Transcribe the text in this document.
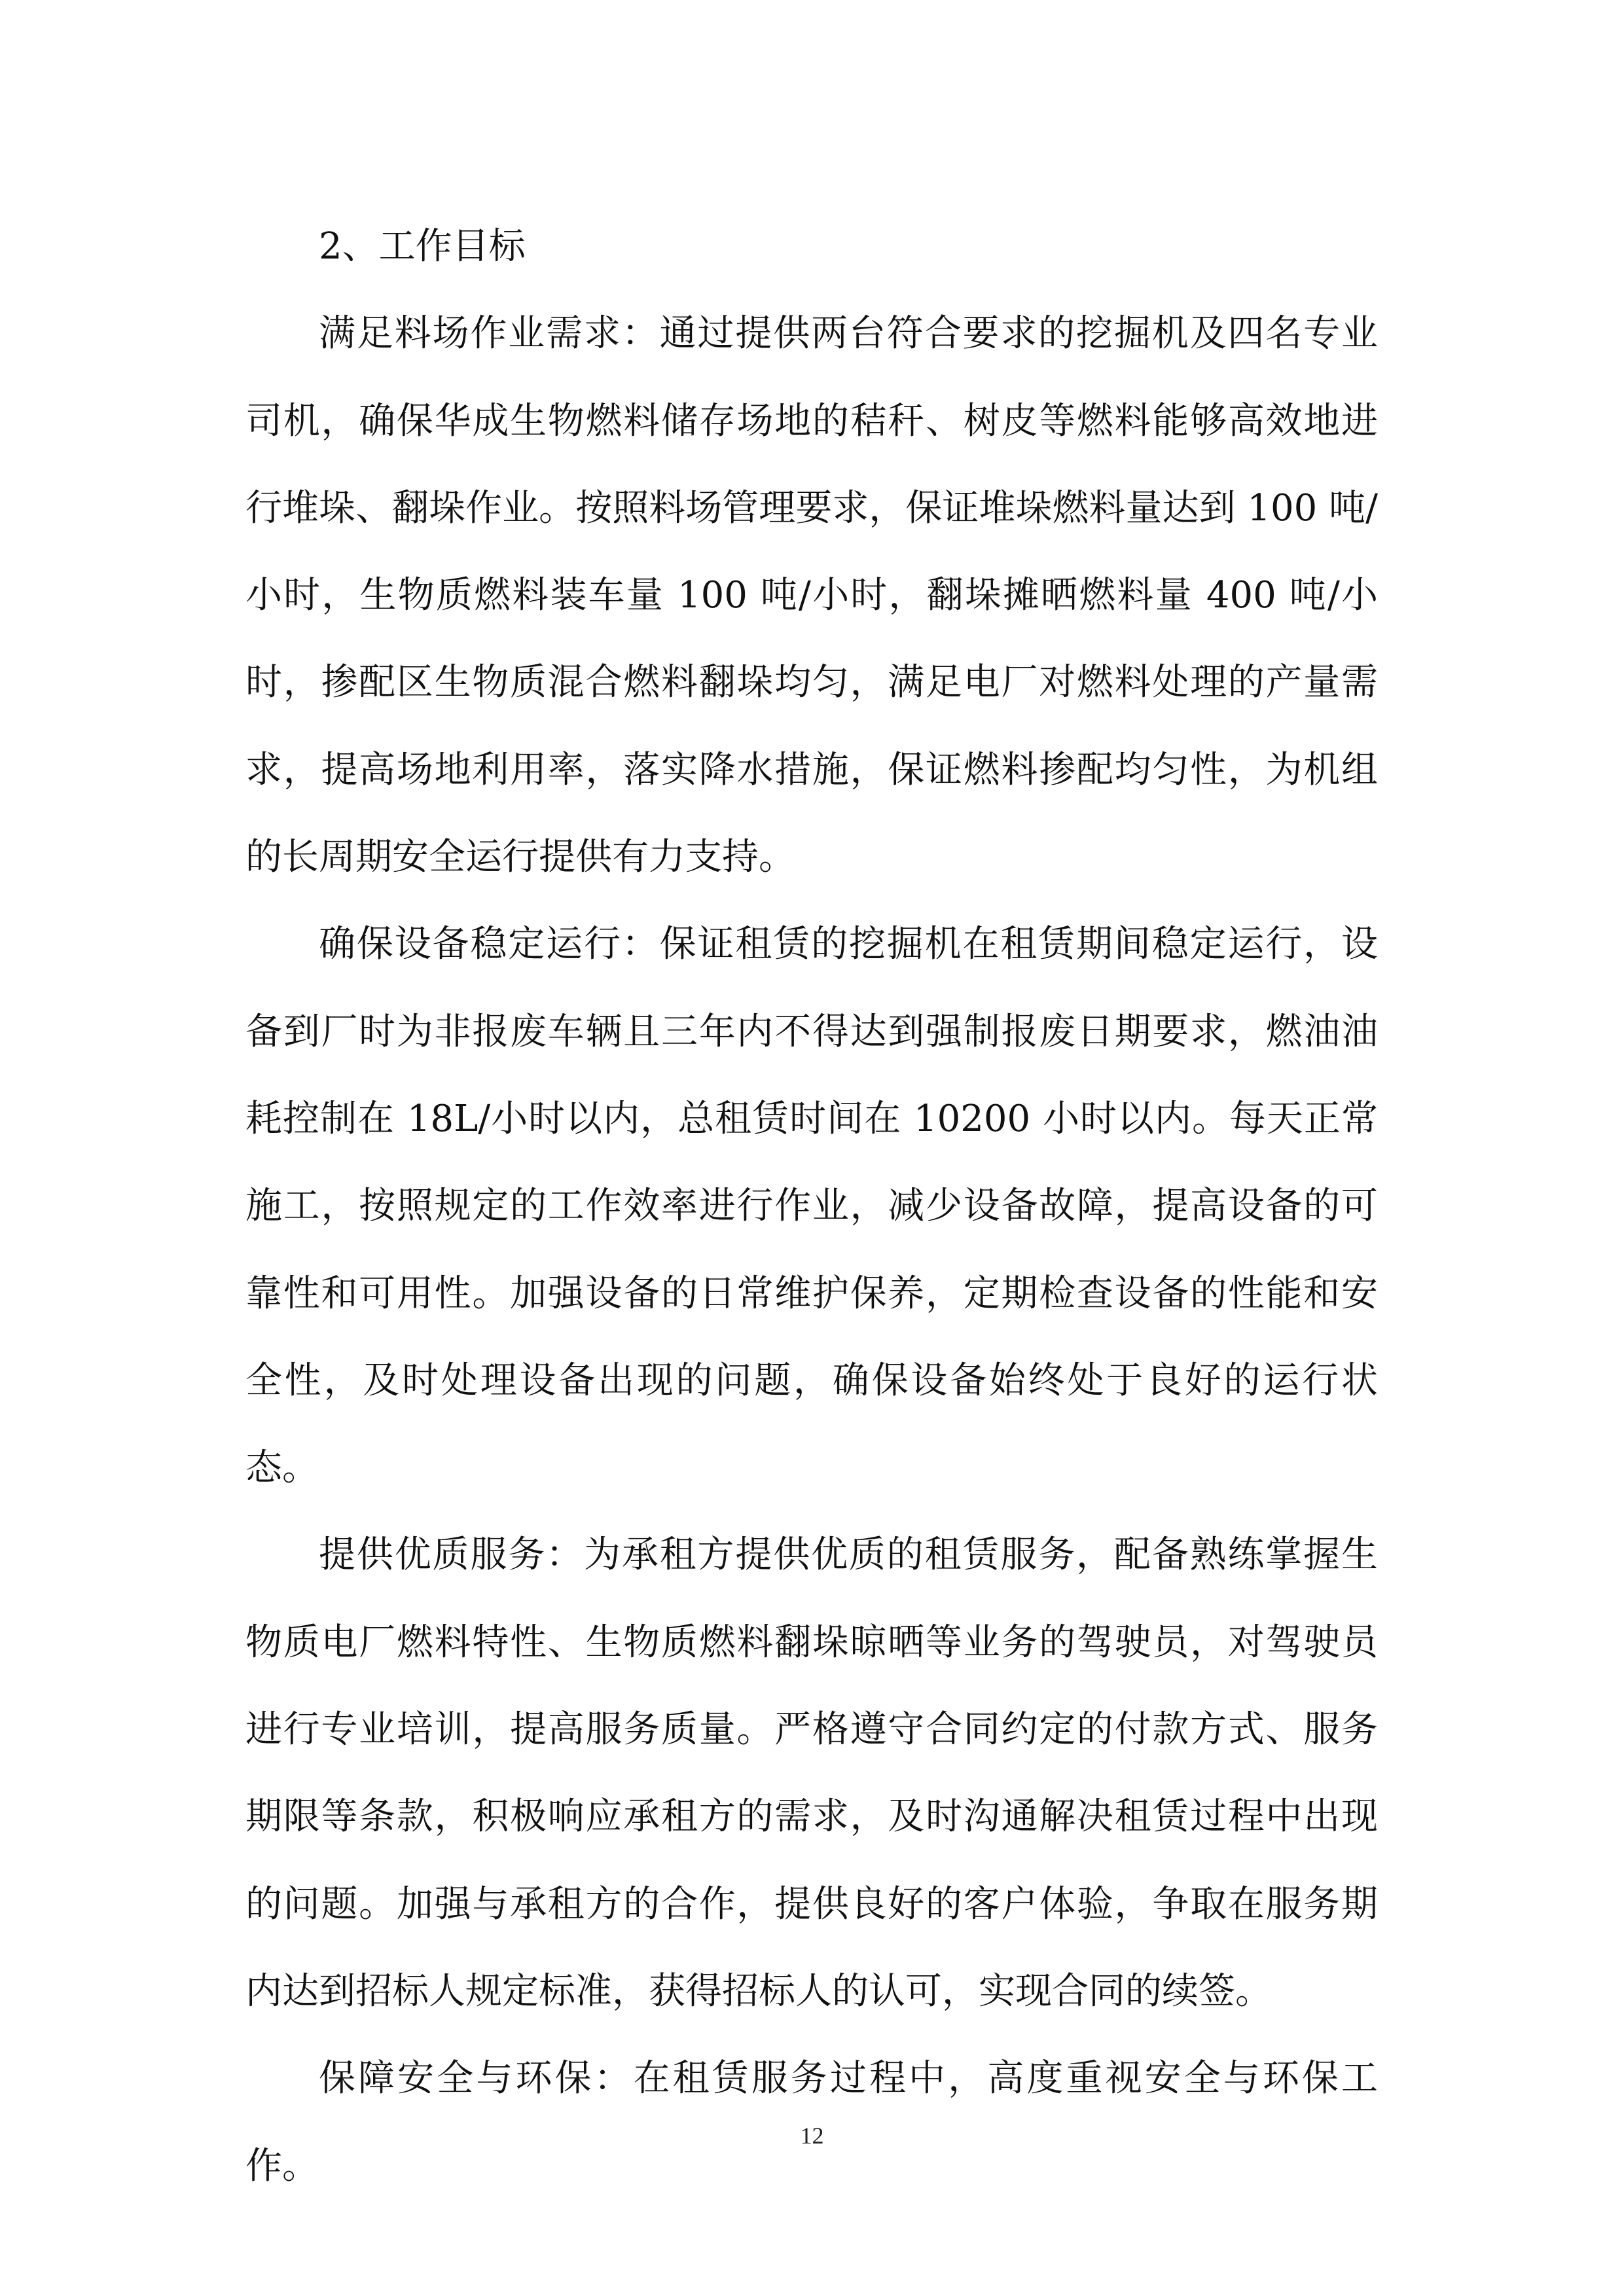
2、工作目标

满足料场作业需求：通过提供两台符合要求的挖掘机及四名专业司机，确保华成生物燃料储存场地的秸秆、树皮等燃料能够高效地进行堆垛、翻垛作业。按照料场管理要求，保证堆垛燃料量达到 100 吨/小时，生物质燃料装车量 100 吨/小时，翻垛摊晒燃料量 400 吨/小时，掺配区生物质混合燃料翻垛均匀，满足电厂对燃料处理的产量需求，提高场地利用率，落实降水措施，保证燃料掺配均匀性，为机组的长周期安全运行提供有力支持。

确保设备稳定运行：保证租赁的挖掘机在租赁期间稳定运行，设备到厂时为非报废车辆且三年内不得达到强制报废日期要求，燃油油耗控制在 18L/小时以内，总租赁时间在 10200 小时以内。每天正常施工，按照规定的工作效率进行作业，减少设备故障，提高设备的可靠性和可用性。加强设备的日常维护保养，定期检查设备的性能和安全性，及时处理设备出现的问题，确保设备始终处于良好的运行状态。

提供优质服务：为承租方提供优质的租赁服务，配备熟练掌握生物质电厂燃料特性、生物质燃料翻垛晾晒等业务的驾驶员，对驾驶员进行专业培训，提高服务质量。严格遵守合同约定的付款方式、服务期限等条款，积极响应承租方的需求，及时沟通解决租赁过程中出现的问题。加强与承租方的合作，提供良好的客户体验，争取在服务期内达到招标人规定标准，获得招标人的认可，实现合同的续签。

保障安全与环保：在租赁服务过程中，高度重视安全与环保工作。

12
